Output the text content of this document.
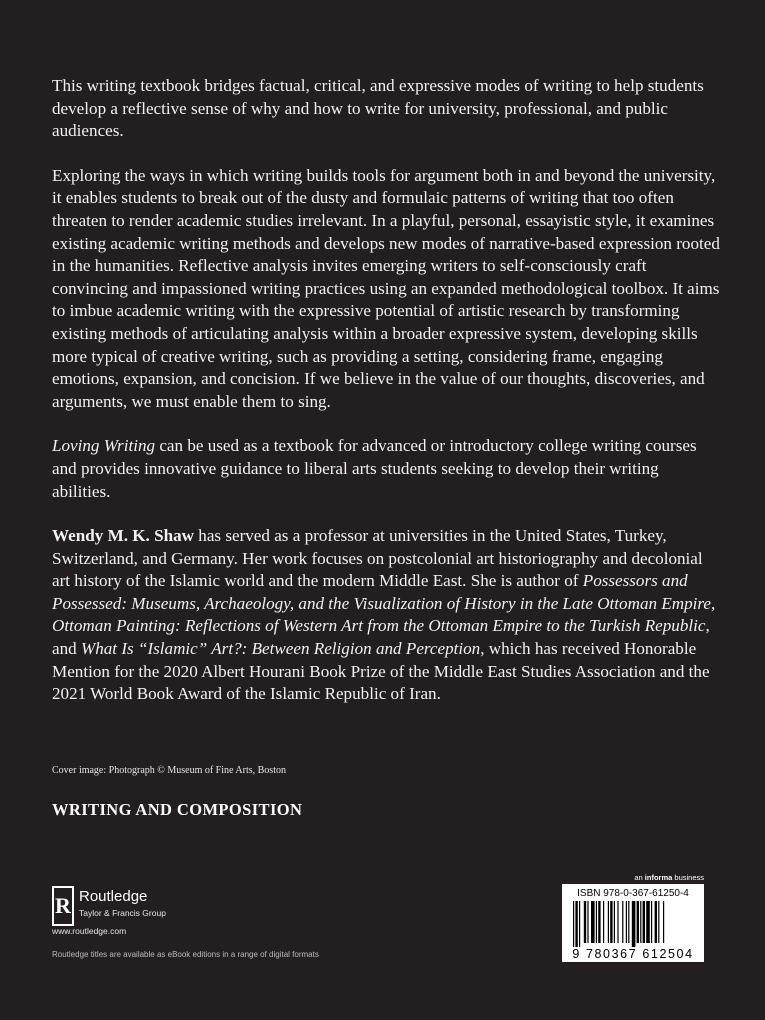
This writing textbook bridges factual, critical, and expressive modes of writing to help students develop a reflective sense of why and how to write for university, professional, and public audiences.

Exploring the ways in which writing builds tools for argument both in and beyond the university, it enables students to break out of the dusty and formulaic patterns of writing that too often threaten to render academic studies irrelevant. In a playful, personal, essayistic style, it examines existing academic writing methods and develops new modes of narrative-based expression rooted in the humanities. Reflective analysis invites emerging writers to self-consciously craft convincing and impassioned writing practices using an expanded methodological toolbox. It aims to imbue academic writing with the expressive potential of artistic research by transforming existing methods of articulating analysis within a broader expressive system, developing skills more typical of creative writing, such as providing a setting, considering frame, engaging emotions, expansion, and concision. If we believe in the value of our thoughts, discoveries, and arguments, we must enable them to sing.

Loving Writing can be used as a textbook for advanced or introductory college writing courses and provides innovative guidance to liberal arts students seeking to develop their writing abilities.

Wendy M. K. Shaw has served as a professor at universities in the United States, Turkey, Switzerland, and Germany. Her work focuses on postcolonial art historiography and decolonial art history of the Islamic world and the modern Middle East. She is author of Possessors and Possessed: Museums, Archaeology, and the Visualization of History in the Late Ottoman Empire, Ottoman Painting: Reflections of Western Art from the Ottoman Empire to the Turkish Republic, and What Is “Islamic” Art?: Between Religion and Perception, which has received Honorable Mention for the 2020 Albert Hourani Book Prize of the Middle East Studies Association and the 2021 World Book Award of the Islamic Republic of Iran.

Cover image: Photograph © Museum of Fine Arts, Boston
WRITING AND COMPOSITION
R Routledge
Taylor & Francis Group
www.routledge.com
Routledge titles are available as eBook editions in a range of digital formats
an informa business
ISBN 978-0-367-61250-4
9 780367 612504
